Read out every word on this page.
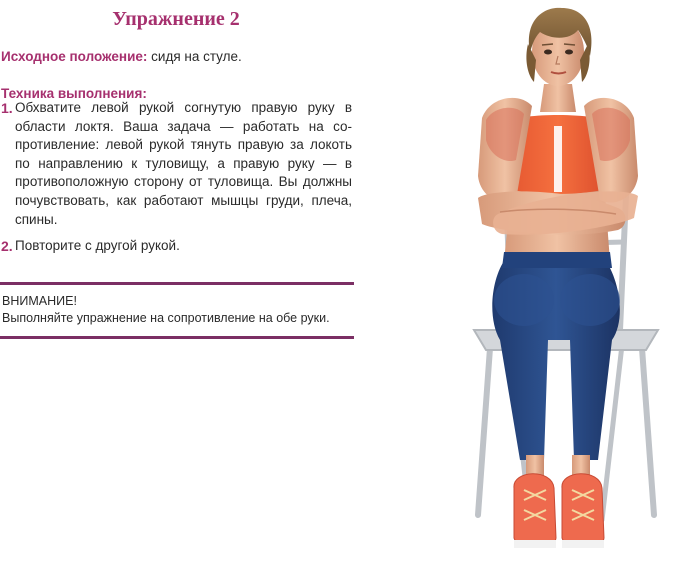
Упражнение 2
Исходное положение: сидя на стуле.
Техника выполнения:
1. Обхватите левой рукой согнутую правую руку в области локтя. Ваша задача — работать на со-противление: левой рукой тянуть правую за локоть по направлению к туловищу, а правую руку — в противоположную сторону от туловища. Вы должны почувствовать, как работают мышцы груди, плеча, спины.
2. Повторите с другой рукой.
ВНИМАНИЕ!
Выполняйте упражнение на сопротивление на обе руки.
